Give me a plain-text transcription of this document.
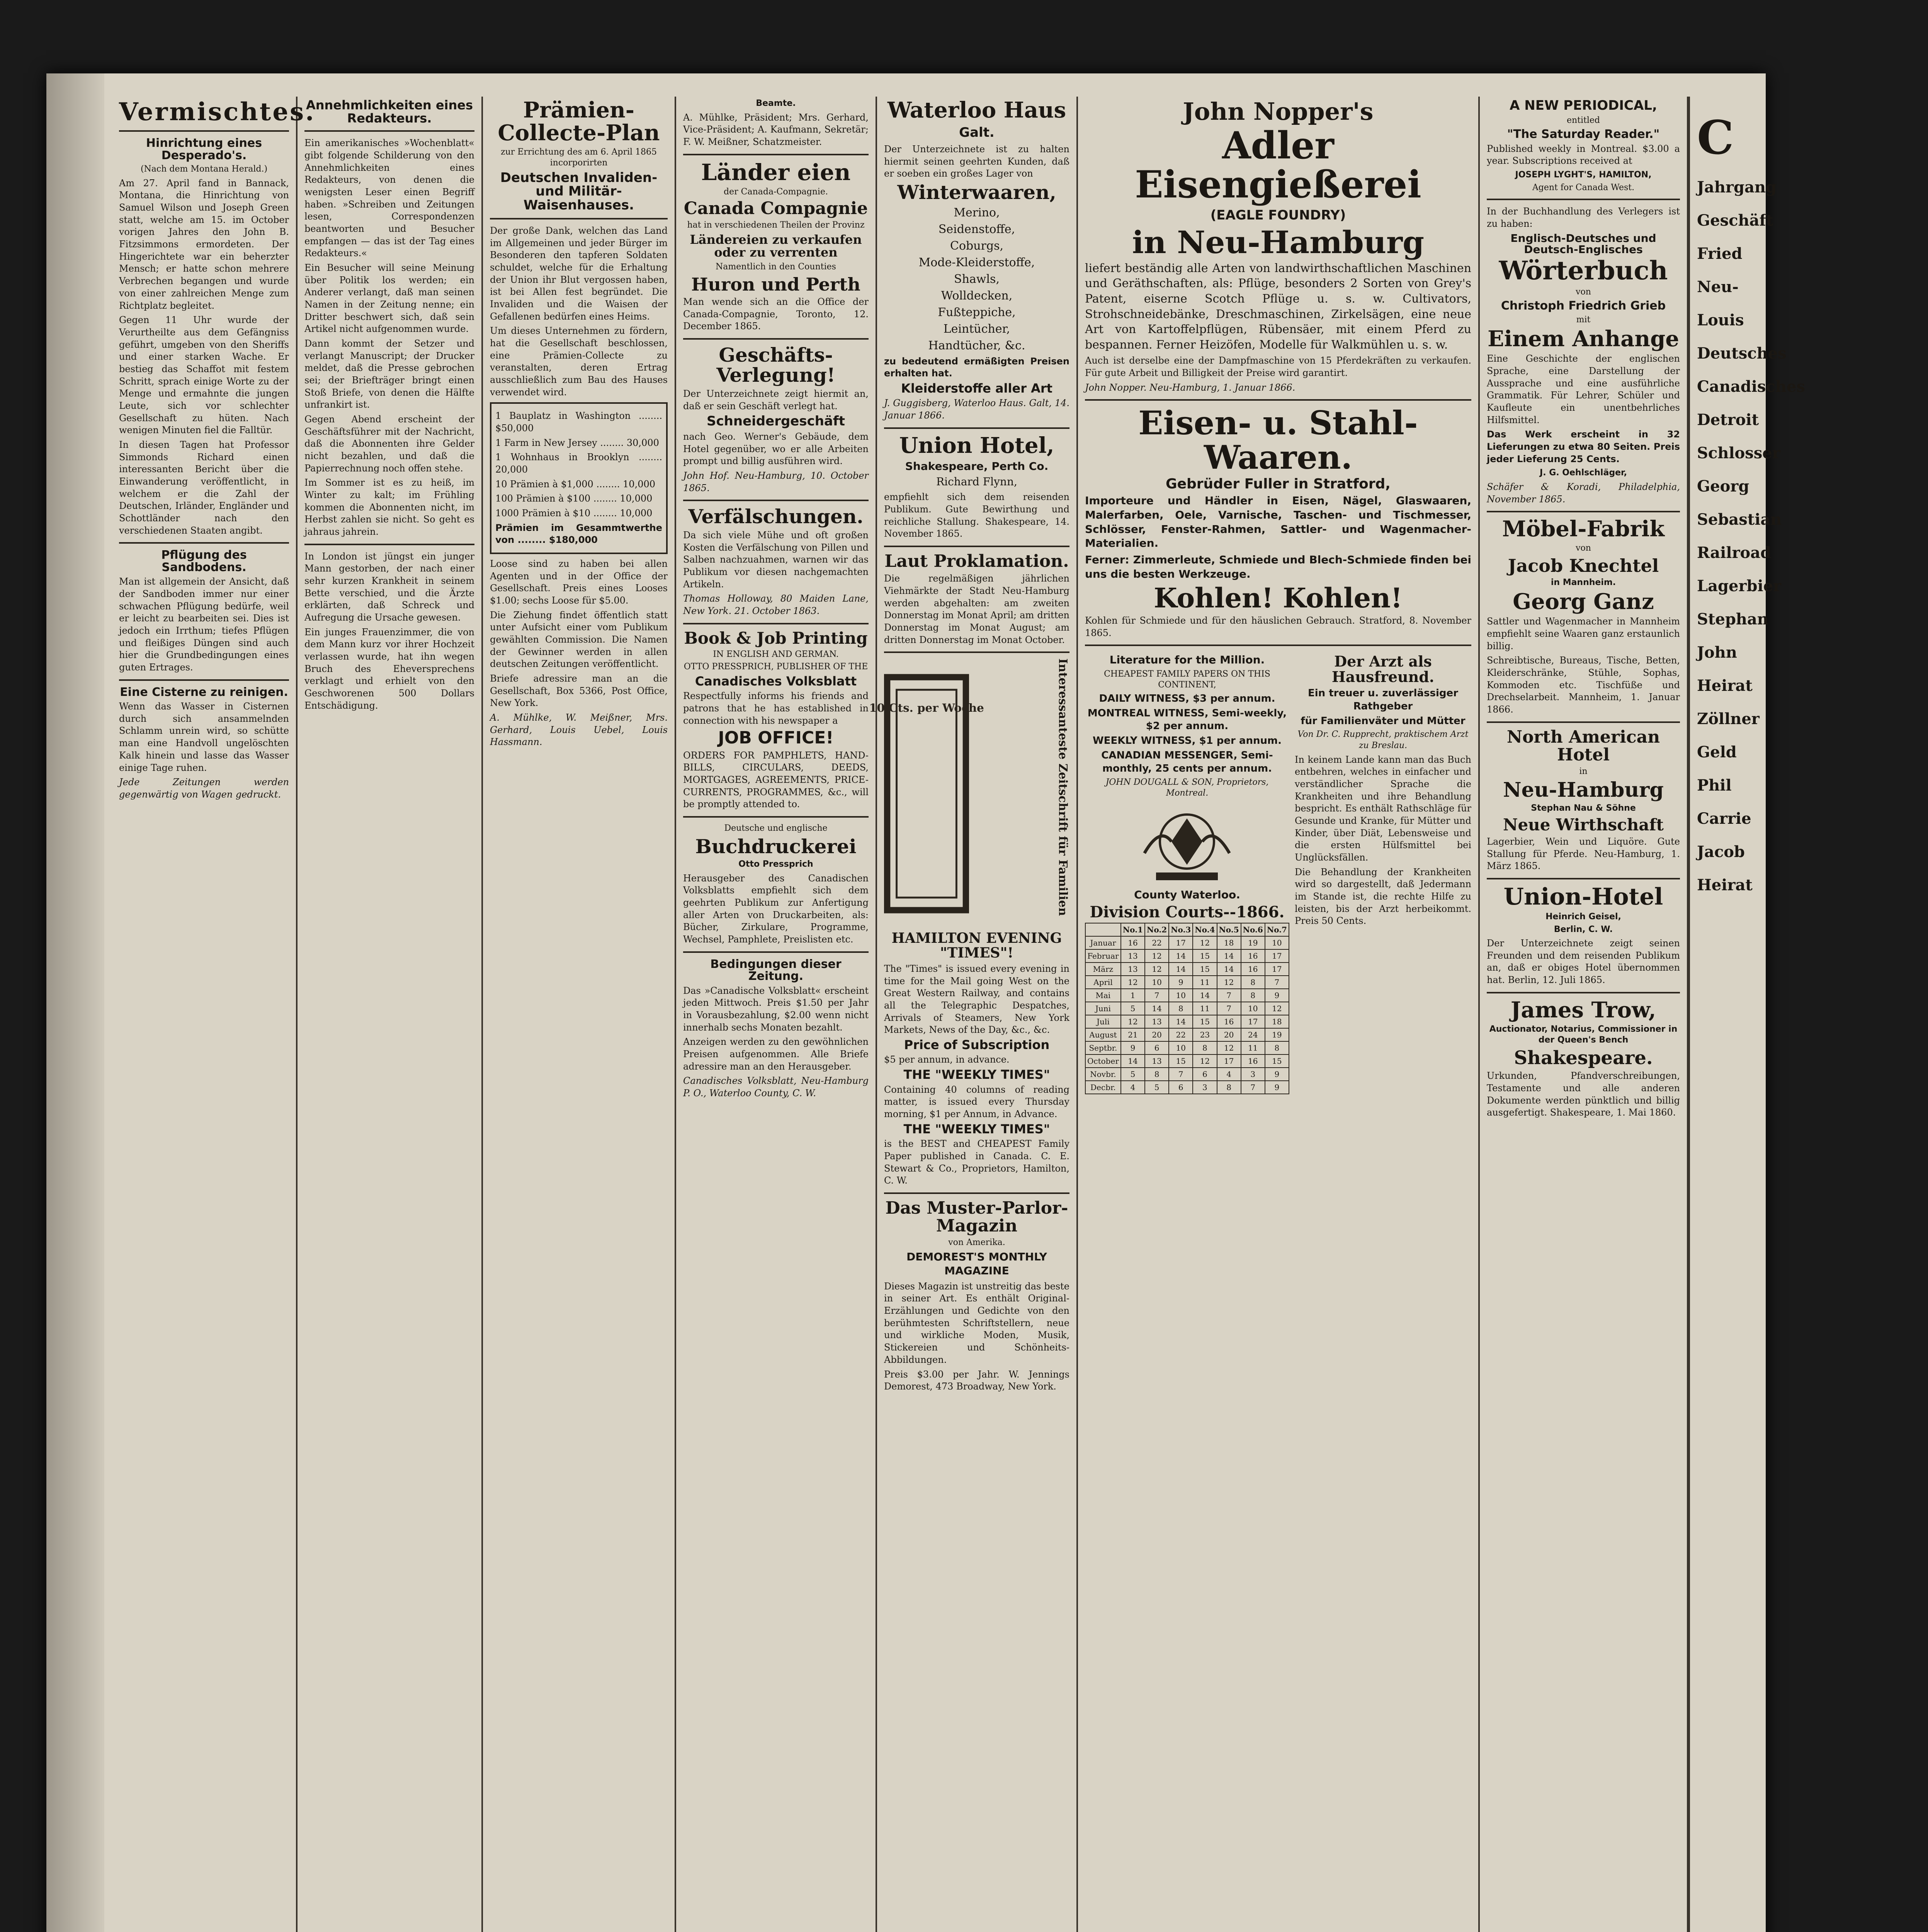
Vermischtes.
Hinrichtung eines Desperado's.
(Nach dem Montana Herald.)

Am 27. April fand in Bannack, Montana, die Hinrichtung von Samuel Wilson und Joseph Green statt, welche am 15. im October vorigen Jahres den John B. Fitzsimmons ermordeten. Der Hingerichtete war ein beherzter Mensch; er hatte schon mehrere Verbrechen begangen und wurde von einer zahlreichen Menge zum Richtplatz begleitet.

Gegen 11 Uhr wurde der Verurtheilte aus dem Gefängniss geführt, umgeben von den Sheriffs und einer starken Wache. Er bestieg das Schaffot mit festem Schritt, sprach einige Worte zu der Menge und ermahnte die jungen Leute, sich vor schlechter Gesellschaft zu hüten. Nach wenigen Minuten fiel die Falltür.

In diesen Tagen hat Professor Simmonds Richard einen interessanten Bericht über die Einwanderung veröffentlicht, in welchem er die Zahl der Deutschen, Irländer, Engländer und Schottländer nach den verschiedenen Staaten angibt.

Pflügung des Sandbodens.

Man ist allgemein der Ansicht, daß der Sandboden immer nur einer schwachen Pflügung bedürfe, weil er leicht zu bearbeiten sei. Dies ist jedoch ein Irrthum; tiefes Pflügen und fleißiges Düngen sind auch hier die Grundbedingungen eines guten Ertrages.

Eine Cisterne zu reinigen.

Wenn das Wasser in Cisternen durch sich ansammelnden Schlamm unrein wird, so schütte man eine Handvoll ungelöschten Kalk hinein und lasse das Wasser einige Tage ruhen.

Jede Zeitungen werden gegenwärtig von Wagen gedruckt.

Annehmlichkeiten eines Redakteurs.

Ein amerikanisches »Wochenblatt« gibt folgende Schilderung von den Annehmlichkeiten eines Redakteurs, von denen die wenigsten Leser einen Begriff haben. »Schreiben und Zeitungen lesen, Correspondenzen beantworten und Besucher empfangen — das ist der Tag eines Redakteurs.«

Ein Besucher will seine Meinung über Politik los werden; ein Anderer verlangt, daß man seinen Namen in der Zeitung nenne; ein Dritter beschwert sich, daß sein Artikel nicht aufgenommen wurde.

Dann kommt der Setzer und verlangt Manuscript; der Drucker meldet, daß die Presse gebrochen sei; der Briefträger bringt einen Stoß Briefe, von denen die Hälfte unfrankirt ist.

Gegen Abend erscheint der Geschäftsführer mit der Nachricht, daß die Abonnenten ihre Gelder nicht bezahlen, und daß die Papierrechnung noch offen stehe.

Im Sommer ist es zu heiß, im Winter zu kalt; im Frühling kommen die Abonnenten nicht, im Herbst zahlen sie nicht. So geht es jahraus jahrein.

In London ist jüngst ein junger Mann gestorben, der nach einer sehr kurzen Krankheit in seinem Bette verschied, und die Ärzte erklärten, daß Schreck und Aufregung die Ursache gewesen.

Ein junges Frauenzimmer, die von dem Mann kurz vor ihrer Hochzeit verlassen wurde, hat ihn wegen Bruch des Eheversprechens verklagt und erhielt von den Geschworenen 500 Dollars Entschädigung.

Prämien-Collecte-Plan
zur Errichtung des am 6. April 1865 incorporirten
Deutschen Invaliden- und Militär-Waisenhauses.

Der große Dank, welchen das Land im Allgemeinen und jeder Bürger im Besonderen den tapferen Soldaten schuldet, welche für die Erhaltung der Union ihr Blut vergossen haben, ist bei Allen fest begründet. Die Invaliden und die Waisen der Gefallenen bedürfen eines Heims.

Um dieses Unternehmen zu fördern, hat die Gesellschaft beschlossen, eine Prämien-Collecte zu veranstalten, deren Ertrag ausschließlich zum Bau des Hauses verwendet wird.

1 Bauplatz in Washington ........ $50,000
1 Farm in New Jersey ........ 30,000
1 Wohnhaus in Brooklyn ........ 20,000
10 Prämien à $1,000 ........ 10,000
100 Prämien à $100 ........ 10,000
1000 Prämien à $10 ........ 10,000
Prämien im Gesammtwerthe von ........ $180,000

Loose sind zu haben bei allen Agenten und in der Office der Gesellschaft. Preis eines Looses $1.00; sechs Loose für $5.00.

Die Ziehung findet öffentlich statt unter Aufsicht einer vom Publikum gewählten Commission. Die Namen der Gewinner werden in allen deutschen Zeitungen veröffentlicht.

Briefe adressire man an die Gesellschaft, Box 5366, Post Office, New York.

A. Mühlke, W. Meißner, Mrs. Gerhard, Louis Uebel, Louis Hassmann.

Beamte.

A. Mühlke, Präsident; Mrs. Gerhard, Vice-Präsident; A. Kaufmann, Sekretär; F. W. Meißner, Schatzmeister.

Länder eien
der Canada-Compagnie.
Canada Compagnie
hat in verschiedenen Theilen der Provinz
Ländereien zu verkaufen oder zu verrenten
Namentlich in den Counties
Huron und Perth

Man wende sich an die Office der Canada-Compagnie, Toronto, 12. December 1865.

Geschäfts-Verlegung!

Der Unterzeichnete zeigt hiermit an, daß er sein Geschäft verlegt hat.

Schneidergeschäft

nach Geo. Werner's Gebäude, dem Hotel gegenüber, wo er alle Arbeiten prompt und billig ausführen wird.

John Hof. Neu-Hamburg, 10. October 1865.

Verfälschungen.

Da sich viele Mühe und oft großen Kosten die Verfälschung von Pillen und Salben nachzuahmen, warnen wir das Publikum vor diesen nachgemachten Artikeln.

Thomas Holloway, 80 Maiden Lane, New York. 21. October 1863.

Book & Job Printing
IN ENGLISH AND GERMAN.
OTTO PRESSPRICH, PUBLISHER OF THE
Canadisches Volksblatt

Respectfully informs his friends and patrons that he has established in connection with his newspaper a

JOB OFFICE!

ORDERS FOR PAMPHLETS, HAND-BILLS, CIRCULARS, DEEDS, MORTGAGES, AGREEMENTS, PRICE-CURRENTS, PROGRAMMES, &c., will be promptly attended to.

Deutsche und englische
Buchdruckerei
Otto Pressprich

Herausgeber des Canadischen Volksblatts empfiehlt sich dem geehrten Publikum zur Anfertigung aller Arten von Druckarbeiten, als: Bücher, Zirkulare, Programme, Wechsel, Pamphlete, Preislisten etc.

Bedingungen dieser Zeitung.

Das »Canadische Volksblatt« erscheint jeden Mittwoch. Preis $1.50 per Jahr in Vorausbezahlung, $2.00 wenn nicht innerhalb sechs Monaten bezahlt.

Anzeigen werden zu den gewöhnlichen Preisen aufgenommen. Alle Briefe adressire man an den Herausgeber.

Canadisches Volksblatt, Neu-Hamburg P. O., Waterloo County, C. W.

Waterloo Haus
Galt.

Der Unterzeichnete ist zu halten hiermit seinen geehrten Kunden, daß er soeben ein großes Lager von

Winterwaaren,
Merino,
Seidenstoffe,
Coburgs,
Mode-Kleiderstoffe,
Shawls,
Wolldecken,
Fußteppiche,
Leintücher,
Handtücher, &c.

zu bedeutend ermäßigten Preisen erhalten hat.

Kleiderstoffe aller Art

J. Guggisberg, Waterloo Haus. Galt, 14. Januar 1866.

Union Hotel,
Shakespeare, Perth Co.
Richard Flynn,

empfiehlt sich dem reisenden Publikum. Gute Bewirthung und reichliche Stallung. Shakespeare, 14. November 1865.

Laut Proklamation.

Die regelmäßigen jährlichen Viehmärkte der Stadt Neu-Hamburg werden abgehalten: am zweiten Donnerstag im Monat April; am dritten Donnerstag im Monat August; am dritten Donnerstag im Monat October.

10 Cts. per Woche	Interessanteste Zeitschrift für Familien
HAMILTON EVENING "TIMES"!

The "Times" is issued every evening in time for the Mail going West on the Great Western Railway, and contains all the Telegraphic Despatches, Arrivals of Steamers, New York Markets, News of the Day, &c., &c.

Price of Subscription

$5 per annum, in advance.

THE "WEEKLY TIMES"

Containing 40 columns of reading matter, is issued every Thursday morning, $1 per Annum, in Advance.

THE "WEEKLY TIMES"

is the BEST and CHEAPEST Family Paper published in Canada. C. E. Stewart & Co., Proprietors, Hamilton, C. W.

Das Muster-Parlor-Magazin
von Amerika.
DEMOREST'S MONTHLY MAGAZINE

Dieses Magazin ist unstreitig das beste in seiner Art. Es enthält Original-Erzählungen und Gedichte von den berühmtesten Schriftstellern, neue und wirkliche Moden, Musik, Stickereien und Schönheits-Abbildungen.

Preis $3.00 per Jahr. W. Jennings Demorest, 473 Broadway, New York.

John Nopper's
Adler Eisengießerei
(EAGLE FOUNDRY)
in Neu-Hamburg

liefert beständig alle Arten von landwirthschaftlichen Maschinen und Geräthschaften, als: Pflüge, besonders 2 Sorten von Grey's Patent, eiserne Scotch Pflüge u. s. w. Cultivators, Strohschneidebänke, Dreschmaschinen, Zirkelsägen, eine neue Art von Kartoffelpflügen, Rübensäer, mit einem Pferd zu bespannen. Ferner Heizöfen, Modelle für Walkmühlen u. s. w.

Auch ist derselbe eine der Dampfmaschine von 15 Pferdekräften zu verkaufen. Für gute Arbeit und Billigkeit der Preise wird garantirt.

John Nopper. Neu-Hamburg, 1. Januar 1866.

Eisen- u. Stahl-Waaren.
Gebrüder Fuller in Stratford,

Importeure und Händler in Eisen, Nägel, Glaswaaren, Malerfarben, Oele, Varnische, Taschen- und Tischmesser, Schlösser, Fenster-Rahmen, Sattler- und Wagenmacher-Materialien.

Ferner: Zimmerleute, Schmiede und Blech-Schmiede finden bei uns die besten Werkzeuge.

Kohlen! Kohlen!

Kohlen für Schmiede und für den häuslichen Gebrauch. Stratford, 8. November 1865.

Literature for the Million.
CHEAPEST FAMILY PAPERS ON THIS CONTINENT,
DAILY WITNESS, $3 per annum.
MONTREAL WITNESS, Semi-weekly, $2 per annum.
WEEKLY WITNESS, $1 per annum.
CANADIAN MESSENGER, Semi-monthly, 25 cents per annum.
JOHN DOUGALL & SON, Proprietors, Montreal.
County Waterloo.
Division Courts--1866.
	No.1	No.2	No.3	No.4	No.5	No.6	No.7
Januar	16	22	17	12	18	19	10
Februar	13	12	14	15	14	16	17
März	13	12	14	15	14	16	17
April	12	10	9	11	12	8	7
Mai	1	7	10	14	7	8	9
Juni	5	14	8	11	7	10	12
Juli	12	13	14	15	16	17	18
August	21	20	22	23	20	24	19
Septbr.	9	6	10	8	12	11	8
October	14	13	15	12	17	16	15
Novbr.	5	8	7	6	4	3	9
Decbr.	4	5	6	3	8	7	9
Der Arzt als Hausfreund.
Ein treuer u. zuverlässiger Rathgeber
für Familienväter und Mütter
Von Dr. C. Rupprecht, praktischem Arzt zu Breslau.

In keinem Lande kann man das Buch entbehren, welches in einfacher und verständlicher Sprache die Krankheiten und ihre Behandlung bespricht. Es enthält Rathschläge für Gesunde und Kranke, für Mütter und Kinder, über Diät, Lebensweise und die ersten Hülfsmittel bei Unglücksfällen.

Die Behandlung der Krankheiten wird so dargestellt, daß Jedermann im Stande ist, die rechte Hilfe zu leisten, bis der Arzt herbeikommt. Preis 50 Cents.

A NEW PERIODICAL,
entitled
"The Saturday Reader."

Published weekly in Montreal. $3.00 a year. Subscriptions received at

JOSEPH LYGHT'S, HAMILTON,
Agent for Canada West.

In der Buchhandlung des Verlegers ist zu haben:

Englisch-Deutsches und Deutsch-Englisches
Wörterbuch
von
Christoph Friedrich Grieb
mit
Einem Anhange

Eine Geschichte der englischen Sprache, eine Darstellung der Aussprache und eine ausführliche Grammatik. Für Lehrer, Schüler und Kaufleute ein unentbehrliches Hilfsmittel.

Das Werk erscheint in 32 Lieferungen zu etwa 80 Seiten. Preis jeder Lieferung 25 Cents.

J. G. Oehlschläger,

Schäfer & Koradi, Philadelphia, November 1865.

Möbel-Fabrik
von
Jacob Knechtel
in Mannheim.
Georg Ganz

Sattler und Wagenmacher in Mannheim empfiehlt seine Waaren ganz erstaunlich billig.

Schreibtische, Bureaus, Tische, Betten, Kleiderschränke, Stühle, Sophas, Kommoden etc. Tischfüße und Drechselarbeit. Mannheim, 1. Januar 1866.

North American Hotel
in
Neu-Hamburg
Stephan Nau & Söhne
Neue Wirthschaft

Lagerbier, Wein und Liquöre. Gute Stallung für Pferde. Neu-Hamburg, 1. März 1865.

Union-Hotel
Heinrich Geisel,
Berlin, C. W.

Der Unterzeichnete zeigt seinen Freunden und dem reisenden Publikum an, daß er obiges Hotel übernommen hat. Berlin, 12. Juli 1865.

James Trow,
Auctionator, Notarius, Commissioner in der Queen's Bench
Shakespeare.

Urkunden, Pfandverschreibungen, Testamente und alle anderen Dokumente werden pünktlich und billig ausgefertigt. Shakespeare, 1. Mai 1860.

C
Jahrgang
Geschäft
Fried
Neu-
Louis
Deutsches
Canadisches
Detroit
Schlosser
Georg
Sebastian
Railroad
Lagerbier
Stephan
John
Heirat
Zöllner
Geld
Phil
Carrie
Jacob
Heirat
